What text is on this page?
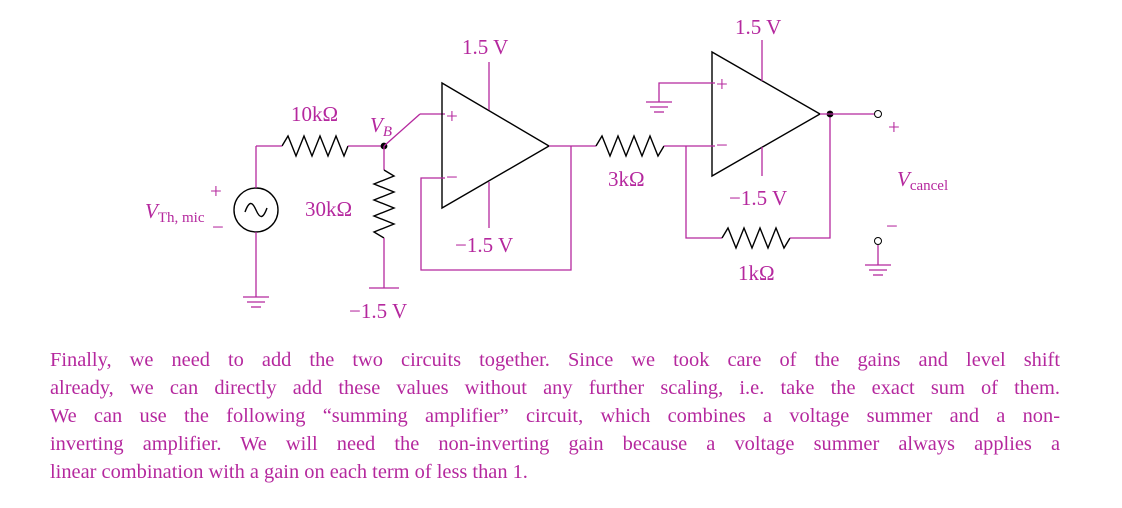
VTh, mic
+
−
10kΩ VB
30kΩ
−1.5 V
+
−
1.5 V
−1.5 V
3kΩ
+
−
1.5 V
−1.5 V
1kΩ
+
Vcancel
−

Finally, we need to add the two circuits together. Since we took care of the gains and level shift
already, we can directly add these values without any further scaling, i.e. take the exact sum of them.
We can use the following “summing amplifier” circuit, which combines a voltage summer and a non-
inverting amplifier. We will need the non-inverting gain because a voltage summer always applies a
linear combination with a gain on each term of less than 1.
